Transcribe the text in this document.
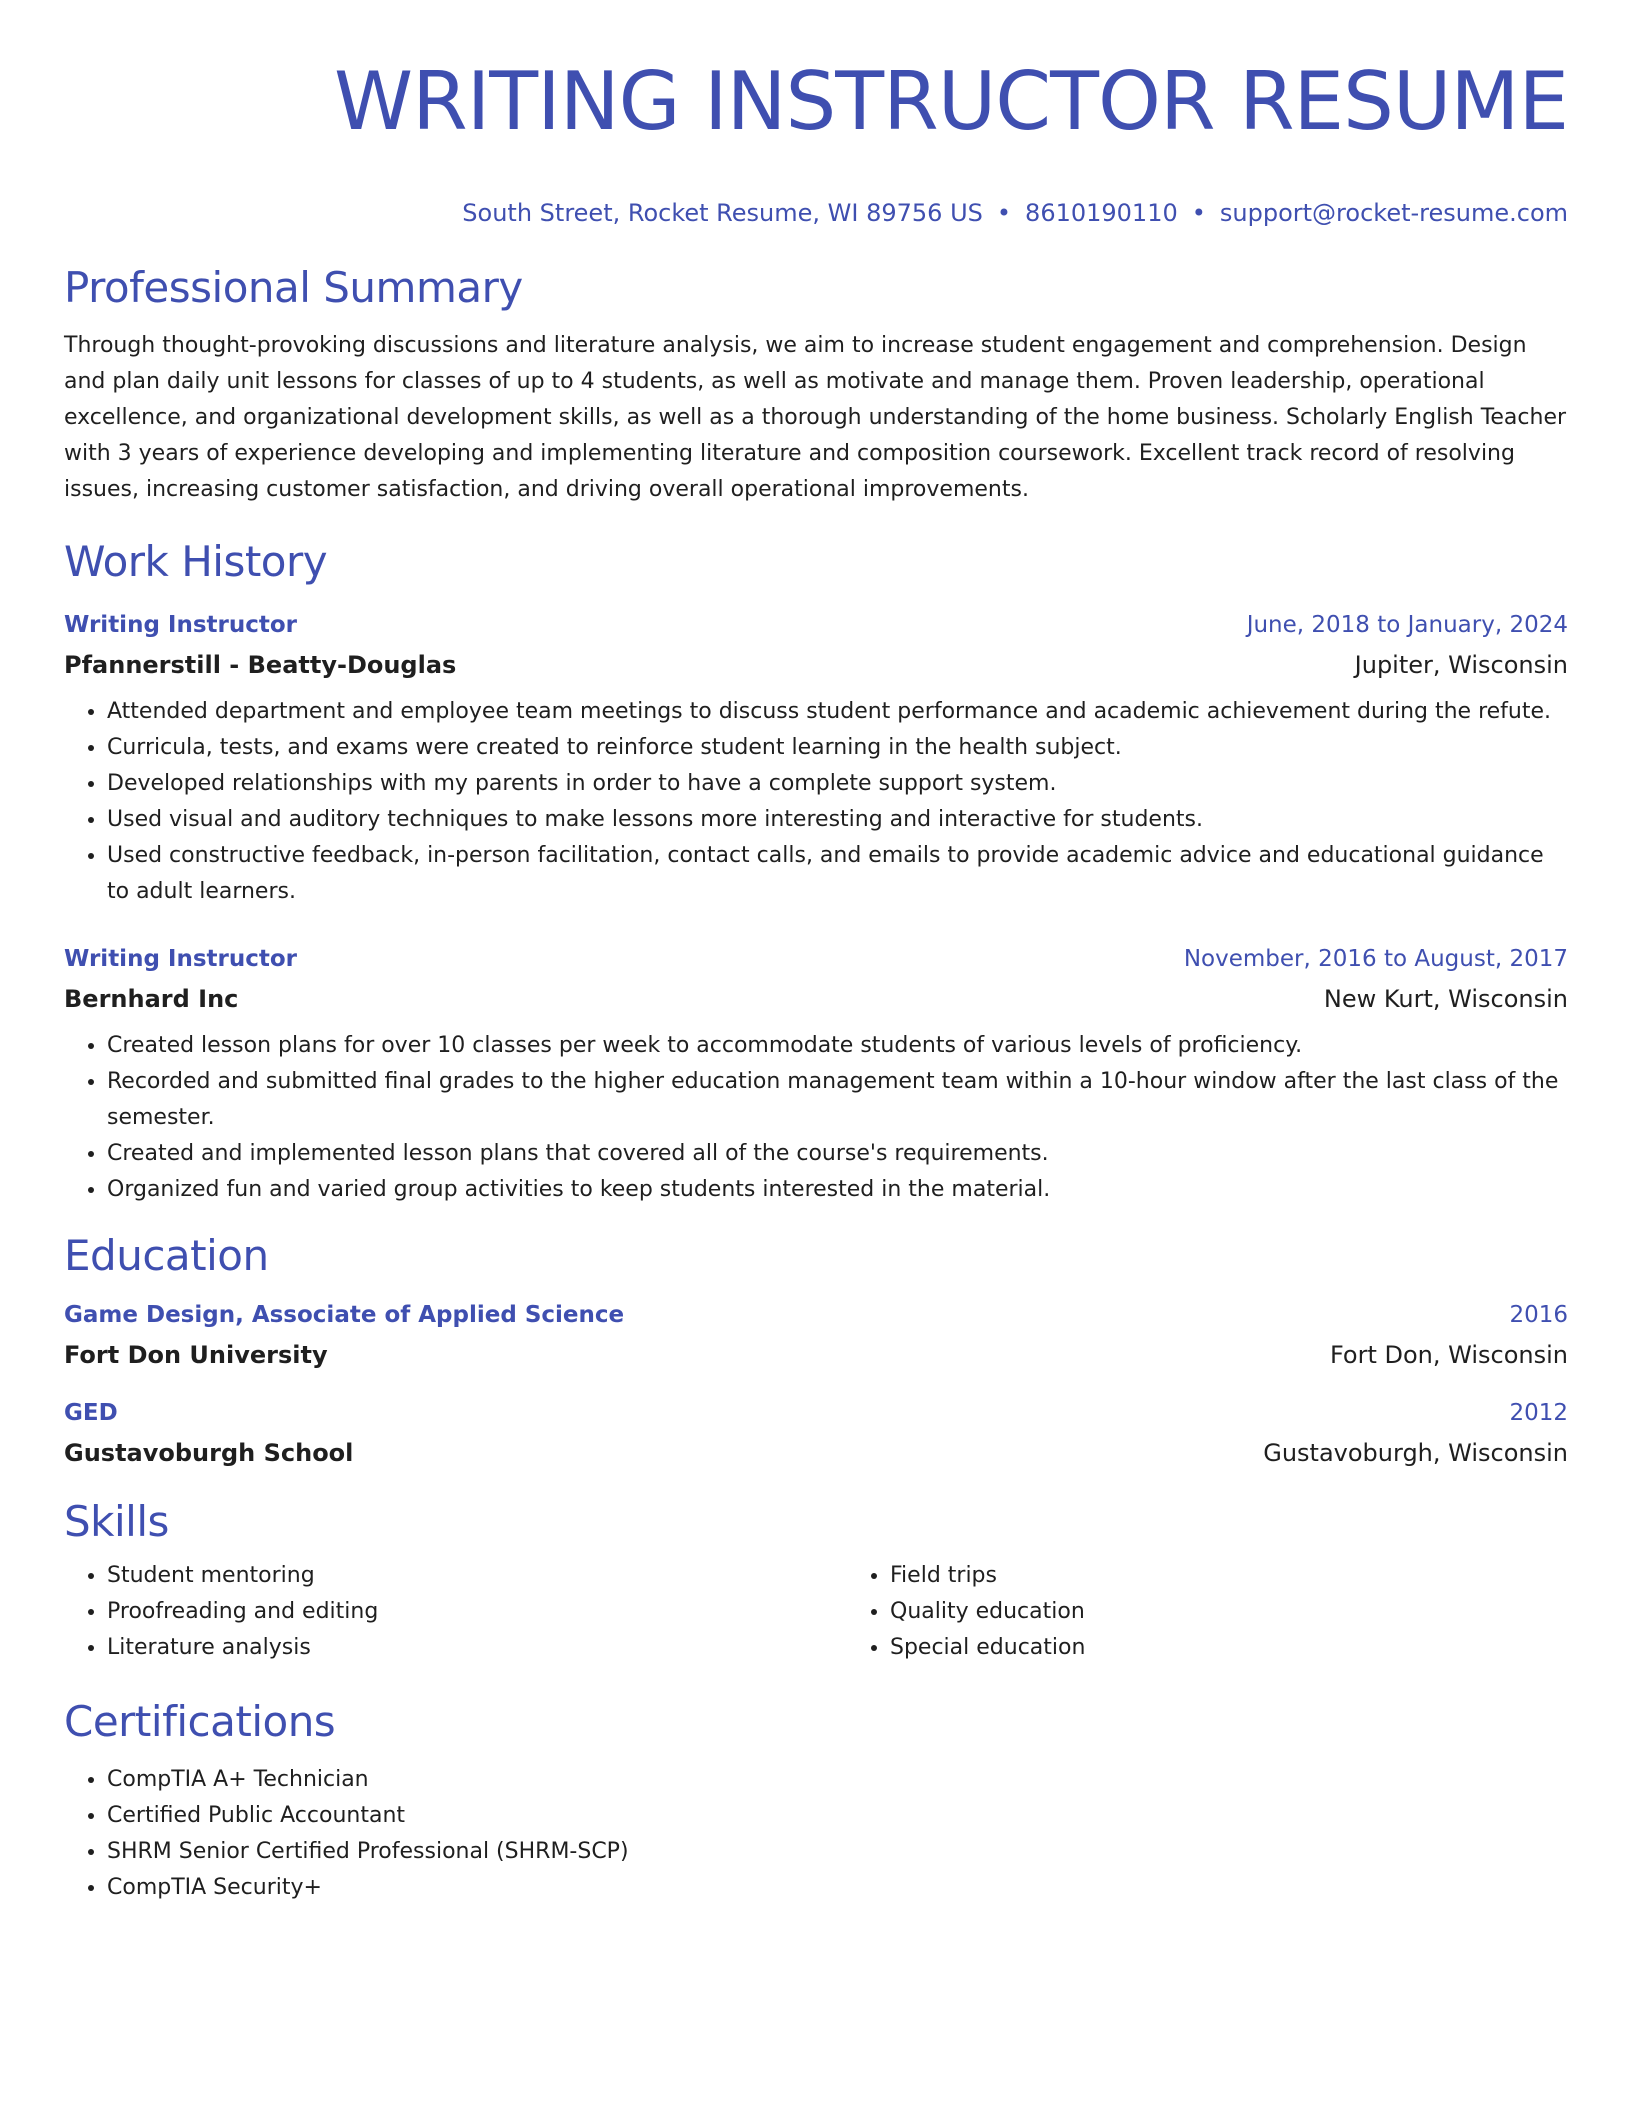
WRITING INSTRUCTOR RESUME
South Street, Rocket Resume, WI 89756 US • 8610190110 • support@rocket-resume.com
Professional Summary

Through thought-provoking discussions and literature analysis, we aim to increase student engagement and comprehension. Design and plan daily unit lessons for classes of up to 4 students, as well as motivate and manage them. Proven leadership, operational excellence, and organizational development skills, as well as a thorough understanding of the home business. Scholarly English Teacher with 3 years of experience developing and implementing literature and composition coursework. Excellent track record of resolving issues, increasing customer satisfaction, and driving overall operational improvements.

Work History
Writing Instructor	June, 2018 to January, 2024
Pfannerstill - Beatty-Douglas	Jupiter, Wisconsin
• Attended department and employee team meetings to discuss student performance and academic achievement during the refute.
• Curricula, tests, and exams were created to reinforce student learning in the health subject.
• Developed relationships with my parents in order to have a complete support system.
• Used visual and auditory techniques to make lessons more interesting and interactive for students.
• Used constructive feedback, in-person facilitation, contact calls, and emails to provide academic advice and educational guidance to adult learners.
Writing Instructor	November, 2016 to August, 2017
Bernhard Inc	New Kurt, Wisconsin
• Created lesson plans for over 10 classes per week to accommodate students of various levels of proficiency.
• Recorded and submitted final grades to the higher education management team within a 10-hour window after the last class of the semester.
• Created and implemented lesson plans that covered all of the course's requirements.
• Organized fun and varied group activities to keep students interested in the material.
Education
Game Design, Associate of Applied Science	2016
Fort Don University	Fort Don, Wisconsin
GED	2012
Gustavoburgh School	Gustavoburgh, Wisconsin
Skills
• Student mentoring
• Proofreading and editing
• Literature analysis
• Field trips
• Quality education
• Special education
Certifications
• CompTIA A+ Technician
• Certified Public Accountant
• SHRM Senior Certified Professional (SHRM-SCP)
• CompTIA Security+
